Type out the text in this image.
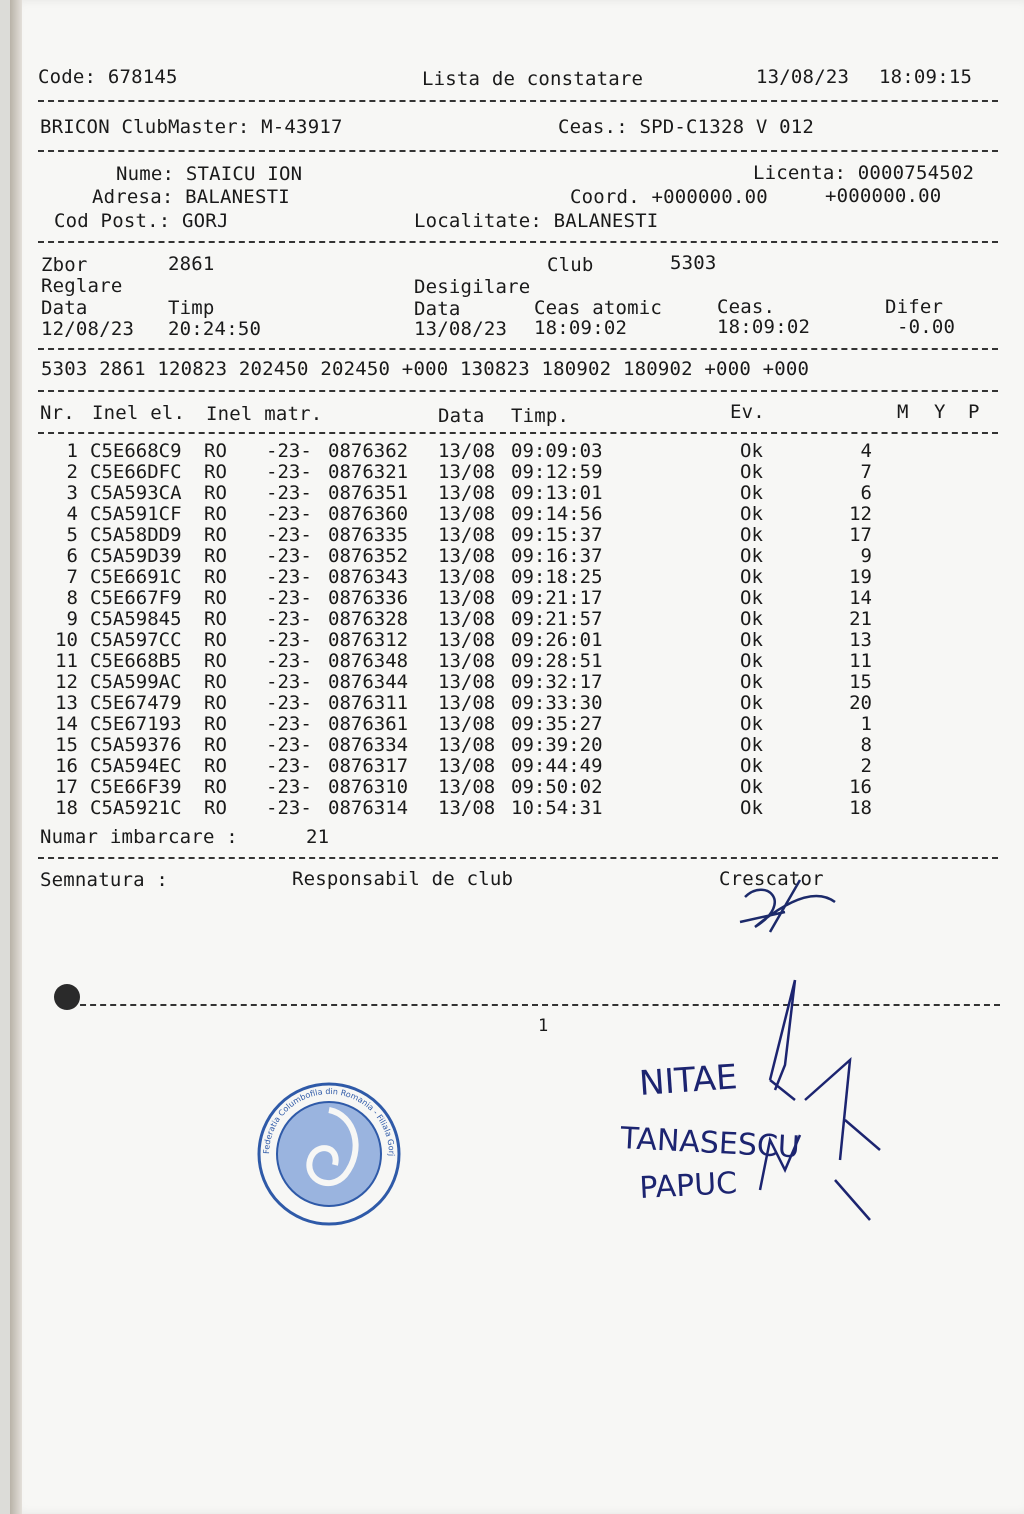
Code: 678145	Lista de constatare	13/08/23 18:09:15
BRICON ClubMaster: M-43917	Ceas.: SPD-C1328 V 012
Nume: STAICU ION	Licenta: 0000754502
Adresa: BALANESTI	Coord. +000000.00	+000000.00
Cod Post.: GORJ	Localitate: BALANESTI
Zbor	2861	Club	5303
Reglare	Desigilare
Data	Timp	Data	Ceas atomic	Ceas.	Difer
12/08/23 20:24:50	13/08/23 18:09:02	18:09:02	-0.00
5303 2861 120823 202450 202450 +000 130823 180902 180902 +000 +000
Nr. Inel el. Inel matr.	Data Timp.	Ev.	M Y P
1 C5E668C9 RO -23- 0876362 13/08 09:09:03	Ok	4
2 C5E66DFC RO -23- 0876321 13/08 09:12:59	Ok	7
3 C5A593CA RO -23- 0876351 13/08 09:13:01	Ok	6
4 C5A591CF RO -23- 0876360 13/08 09:14:56	Ok	12
5 C5A58DD9 RO -23- 0876335 13/08 09:15:37	Ok	17
6 C5A59D39 RO -23- 0876352 13/08 09:16:37	Ok	9
7 C5E6691C RO -23- 0876343 13/08 09:18:25	Ok	19
8 C5E667F9 RO -23- 0876336 13/08 09:21:17	Ok	14
9 C5A59845 RO -23- 0876328 13/08 09:21:57	Ok	21
10 C5A597CC RO -23- 0876312 13/08 09:26:01	Ok	13
11 C5E668B5 RO -23- 0876348 13/08 09:28:51	Ok	11
12 C5A599AC RO -23- 0876344 13/08 09:32:17	Ok	15
13 C5E67479 RO -23- 0876311 13/08 09:33:30	Ok	20
14 C5E67193 RO -23- 0876361 13/08 09:35:27	Ok	1
15 C5A59376 RO -23- 0876334 13/08 09:39:20	Ok	8
16 C5A594EC RO -23- 0876317 13/08 09:44:49	Ok	2
17 C5E66F39 RO -23- 0876310 13/08 09:50:02	Ok	16
18 C5A5921C RO -23- 0876314 13/08 10:54:31	Ok	18
Numar imbarcare :	21
Semnatura :	Responsabil de club	Crescator
1
NITAE
TANASESCU
PAPUC
Federatia Columbofila din Romania - Filiala Gorj
